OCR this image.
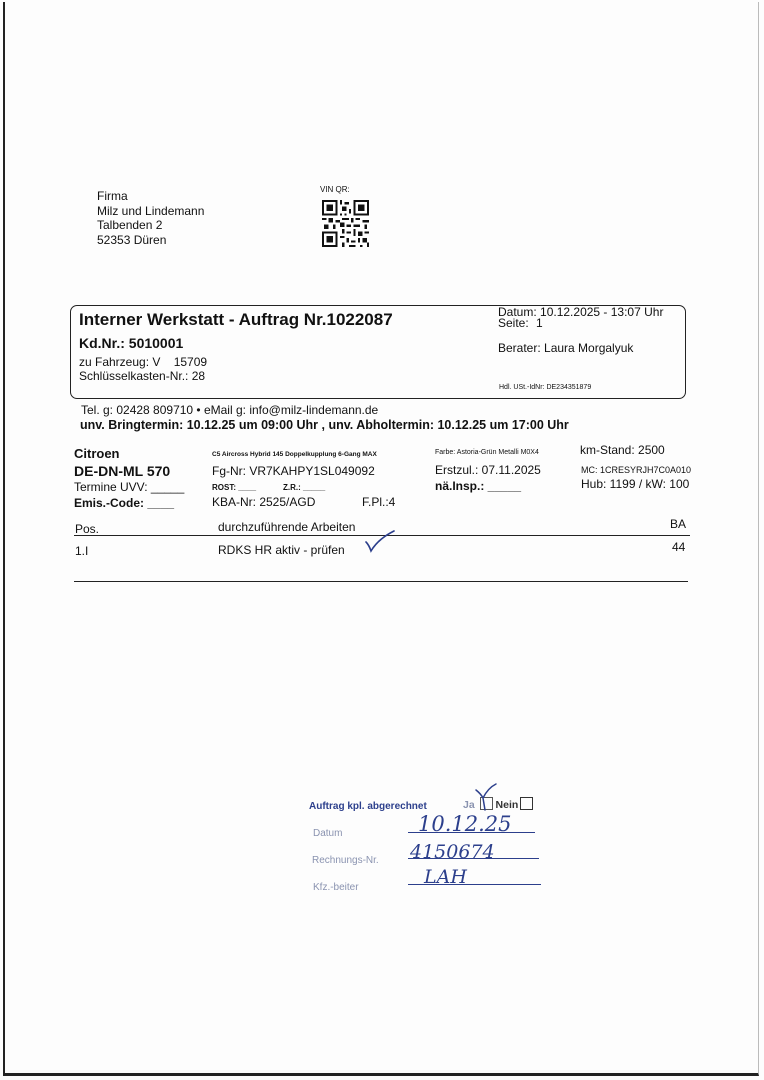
Firma
Milz und Lindemann
Talbenden 2
52353 Düren
VIN QR:
Interner Werkstatt - Auftrag Nr.1022087
Kd.Nr.: 5010001
zu Fahrzeug: V    15709
Schlüsselkasten-Nr.: 28
Datum: 10.12.2025 - 13:07 Uhr
Seite: 1
Berater: Laura Morgalyuk
Hdl. USt.-IdNr: DE234351879
Tel. g: 02428 809710 • eMail g: info@milz-lindemann.de
unv. Bringtermin: 10.12.25 um 09:00 Uhr , unv. Abholtermin: 10.12.25 um 17:00 Uhr
Citroen
DE-DN-ML 570
Termine UVV: _____
Emis.-Code: ____
C5 Aircross Hybrid 145 Doppelkupplung 6-Gang MAX
Fg-Nr: VR7KAHPY1SL049092
ROST: ____	Z.R.: _____
KBA-Nr: 2525/AGD	F.Pl.:4
Farbe: Astoria-Grün Metalli M0X4
Erstzul.: 07.11.2025
nä.Insp.: _____
km-Stand: 2500
MC: 1CRESYRJH7C0A010
Hub: 1199 / kW: 100
Pos.	durchzuführende Arbeiten	BA
1.I	RDKS HR aktiv - prüfen	44
Auftrag kpl. abgerechnet	Ja Nein
Datum	10.12.25
Rechnungs-Nr. 4150674
Kfz.-beiter	LAH
